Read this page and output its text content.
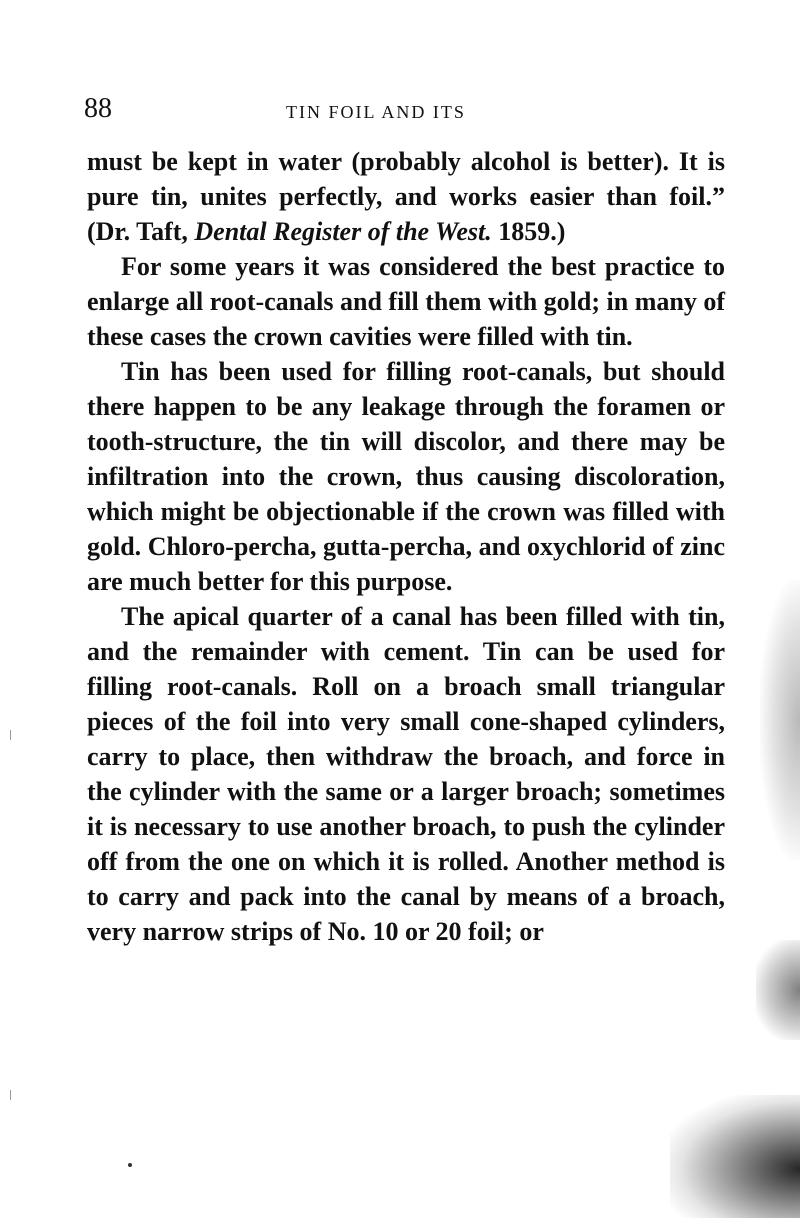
88	TIN FOIL AND ITS

must be kept in water (probably alcohol is better). It is pure tin, unites perfectly, and works easier than foil.” (Dr. Taft, Dental Register of the West. 1859.)

For some years it was considered the best practice to enlarge all root-canals and fill them with gold; in many of these cases the crown cavities were filled with tin.

Tin has been used for filling root-canals, but should there happen to be any leakage through the foramen or tooth-structure, the tin will discolor, and there may be infiltration into the crown, thus causing discoloration, which might be objectionable if the crown was filled with gold. Chloro-percha, gutta-percha, and oxychlorid of zinc are much better for this purpose.

The apical quarter of a canal has been filled with tin, and the remainder with cement. Tin can be used for filling root-canals. Roll on a broach small triangular pieces of the foil into very small cone-shaped cylinders, carry to place, then withdraw the broach, and force in the cylinder with the same or a larger broach; sometimes it is necessary to use another broach, to push the cylinder off from the one on which it is rolled. Another method is to carry and pack into the canal by means of a broach, very narrow strips of No. 10 or 20 foil; or
